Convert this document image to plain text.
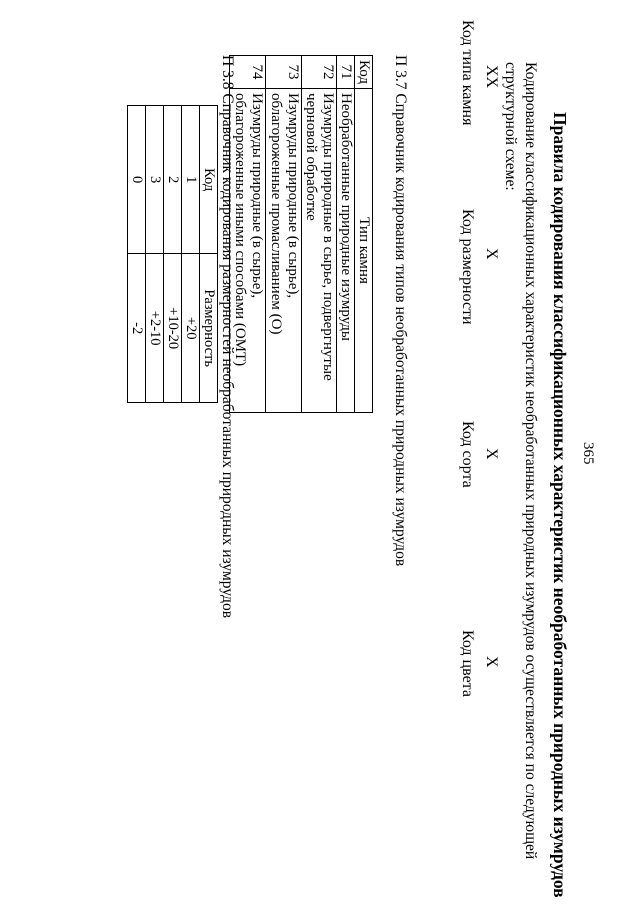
365
Правила кодирования классификационных характеристик необработанных природных изумрудов
Кодирование классификационных характеристик необработанных природных изумрудов осуществляется по следующей структурной схеме:
XX
X
X
X
Код типа камня
Код размерности
Код сорта
Код цвета
П 3.7 Справочник кодирования типов необработанных природных изумрудов
Код	Тип камня
71	Необработанные природные изумруды
72	Изумруды природные в сырье, подвергнутые черновой обработке
73	Изумруды природные (в сырье), облагороженные промасливанием (О)
74	Изумруды природные (в сырье), облагороженные иными способами (ОМТ)
П 3.8 Справочник кодирования размерностей необработанных природных изумрудов
Код	Размерность
1	+20
2	+10-20
3	+2-10
0	-2
